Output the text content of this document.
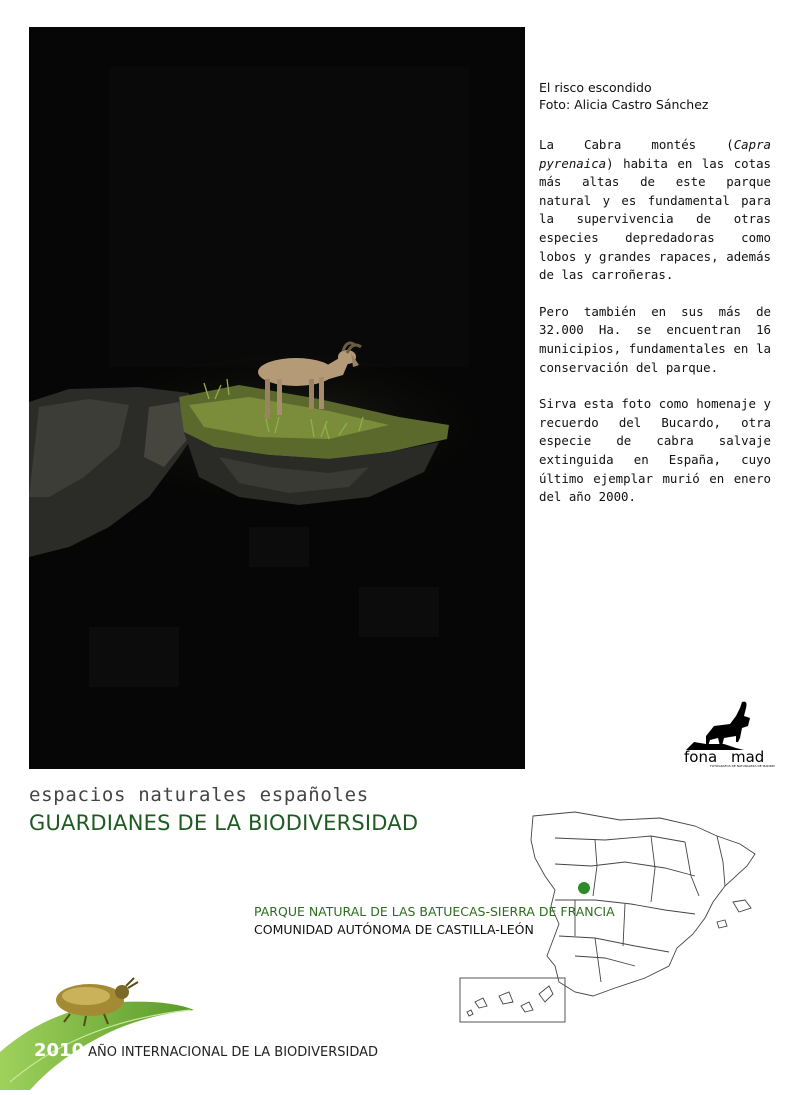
El risco escondido
Foto: Alicia Castro Sánchez

La Cabra montés (Capra pyrenaica) habita en las cotas más altas de este parque natural y es fundamental para la supervivencia de otras especies depredadoras como lobos y grandes rapaces, además de las carroñeras.

Pero también en sus más de 32.000 Ha. se encuentran 16 municipios, fundamentales en la conservación del parque.

Sirva esta foto como homenaje y recuerdo del Bucardo, otra especie de cabra salvaje extinguida en España, cuyo último ejemplar murió en enero del año 2000.

fona mad
FOTÓGRAFOS DE NATURALEZA DE MADRID
espacios naturales españoles
GUARDIANES DE LA BIODIVERSIDAD
PARQUE NATURAL DE LAS BATUECAS-SIERRA DE FRANCIA
COMUNIDAD AUTÓNOMA DE CASTILLA-LEÓN
2010 AÑO INTERNACIONAL DE LA BIODIVERSIDAD
